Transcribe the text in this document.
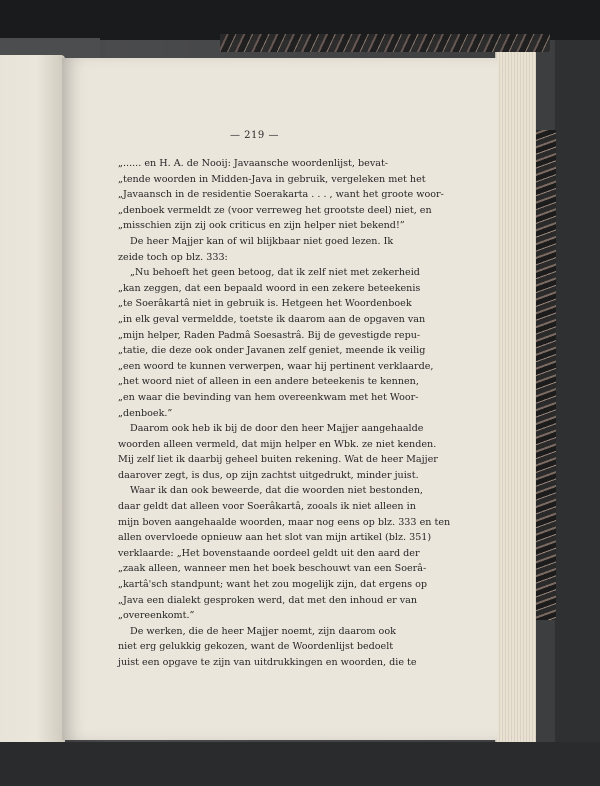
— 219 —
„...... en H. A. de Nooij: Javaansche woordenlijst, bevat-
„tende woorden in Midden-Java in gebruik, vergeleken met het
„Javaansch in de residentie Soerakarta . . . , want het groote woor-
„denboek vermeldt ze (voor verreweg het grootste deel) niet, en
„misschien zijn zij ook criticus en zijn helper niet bekend!”
De heer Majjer kan of wil blijkbaar niet goed lezen. Ik
zeide toch op blz. 333:
„Nu behoeft het geen betoog, dat ik zelf niet met zekerheid
„kan zeggen, dat een bepaald woord in een zekere beteekenis
„te Soerâkartâ niet in gebruik is. Hetgeen het Woordenboek
„in elk geval vermeldde, toetste ik daarom aan de opgaven van
„mijn helper, Raden Padmâ Soesastrâ. Bij de gevestigde repu-
„tatie, die deze ook onder Javanen zelf geniet, meende ik veilig
„een woord te kunnen verwerpen, waar hij pertinent verklaarde,
„het woord niet of alleen in een andere beteekenis te kennen,
„en waar die bevinding van hem overeenkwam met het Woor-
„denboek.”
Daarom ook heb ik bij de door den heer Majjer aangehaalde
woorden alleen vermeld, dat mijn helper en Wbk. ze niet kenden.
Mij zelf liet ik daarbij geheel buiten rekening. Wat de heer Majjer
daarover zegt, is dus, op zijn zachtst uitgedrukt, minder juist.
Waar ik dan ook beweerde, dat die woorden niet bestonden,
daar geldt dat alleen voor Soerâkartâ, zooals ik niet alleen in
mijn boven aangehaalde woorden, maar nog eens op blz. 333 en ten
allen overvloede opnieuw aan het slot van mijn artikel (blz. 351)
verklaarde: „Het bovenstaande oordeel geldt uit den aard der
„zaak alleen, wanneer men het boek beschouwt van een Soerâ-
„kartâ'sch standpunt; want het zou mogelijk zijn, dat ergens op
„Java een dialekt gesproken werd, dat met den inhoud er van
„overeenkomt.”
De werken, die de heer Majjer noemt, zijn daarom ook
niet erg gelukkig gekozen, want de Woordenlijst bedoelt
juist een opgave te zijn van uitdrukkingen en woorden, die te
